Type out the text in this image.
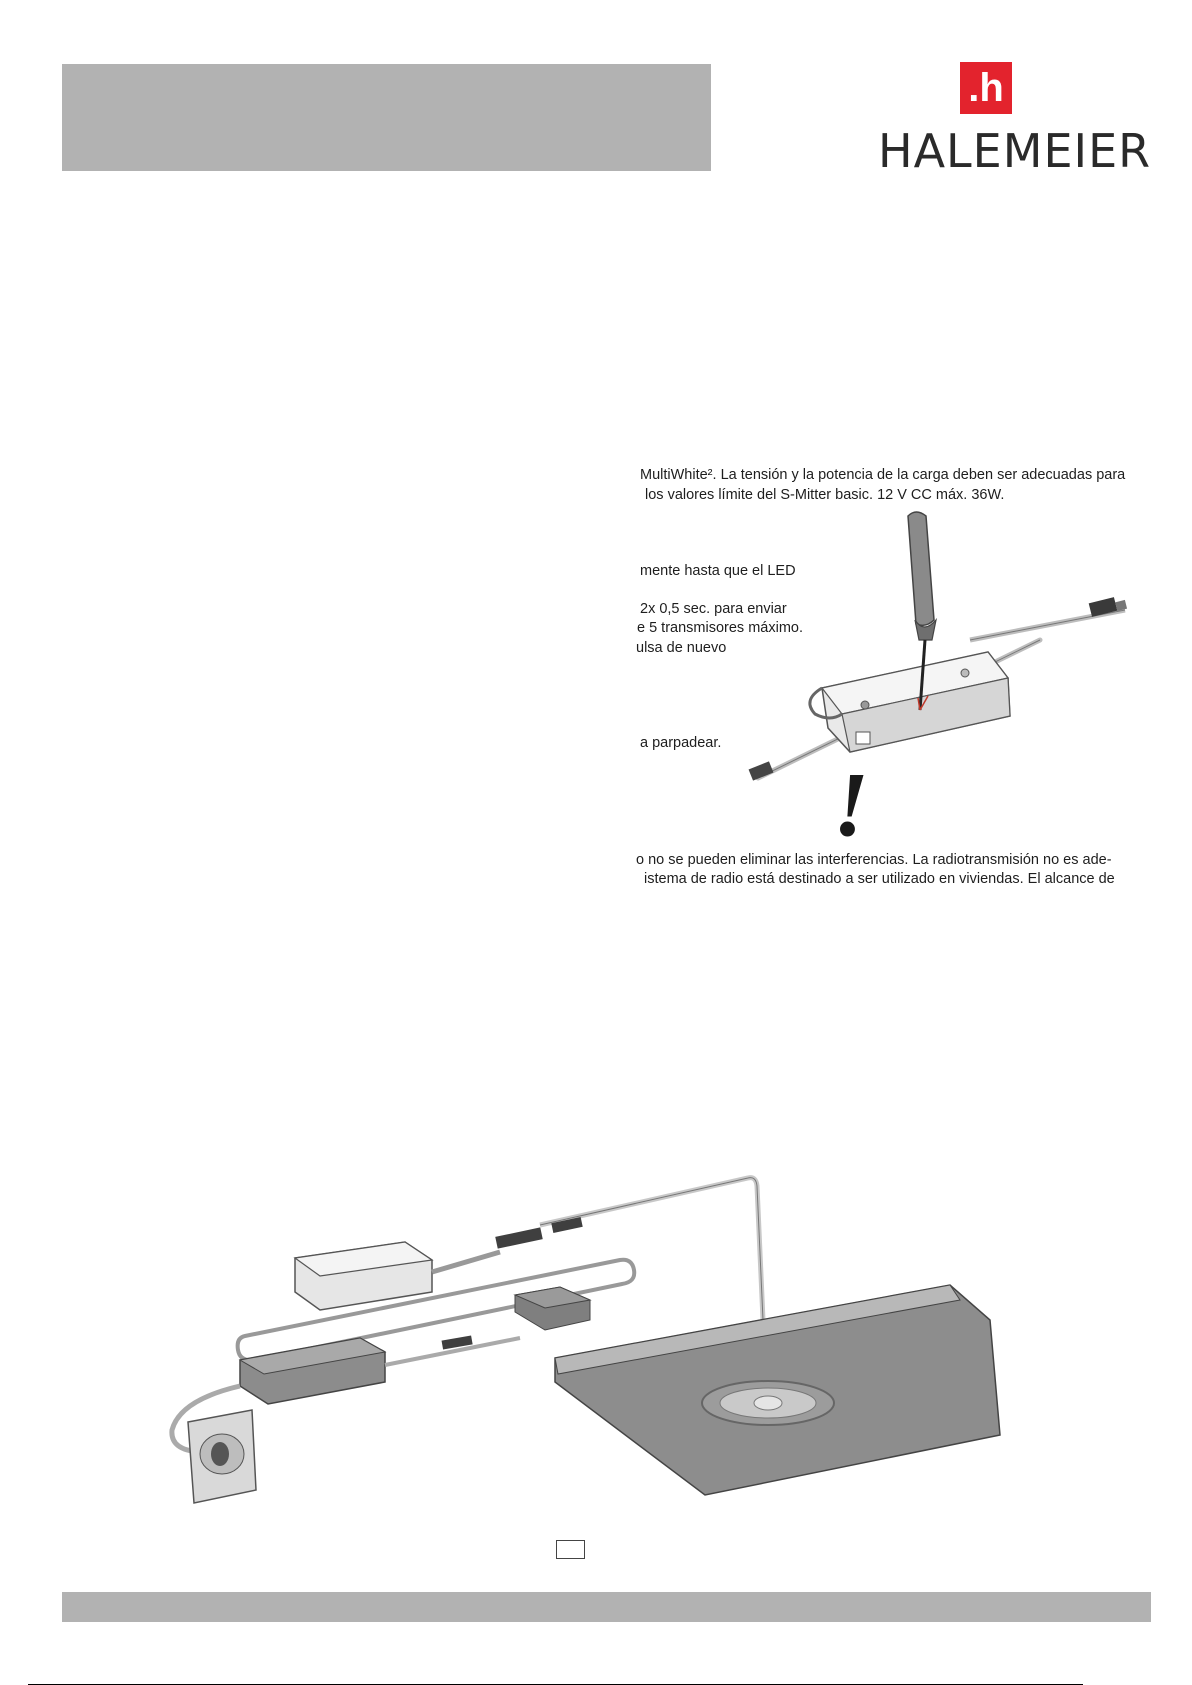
.h
HALEMEIER
MultiWhite². La tensión y la potencia de la carga deben ser adecuadas para
los valores límite del S-Mitter basic. 12 V CC máx. 36W.
mente hasta que el LED
2x 0,5 sec. para enviar
e 5 transmisores máximo.
ulsa de nuevo
a parpadear.
o no se pueden eliminar las interferencias. La radiotransmisión no es ade-
istema de radio está destinado a ser utilizado en viviendas. El alcance de
!
